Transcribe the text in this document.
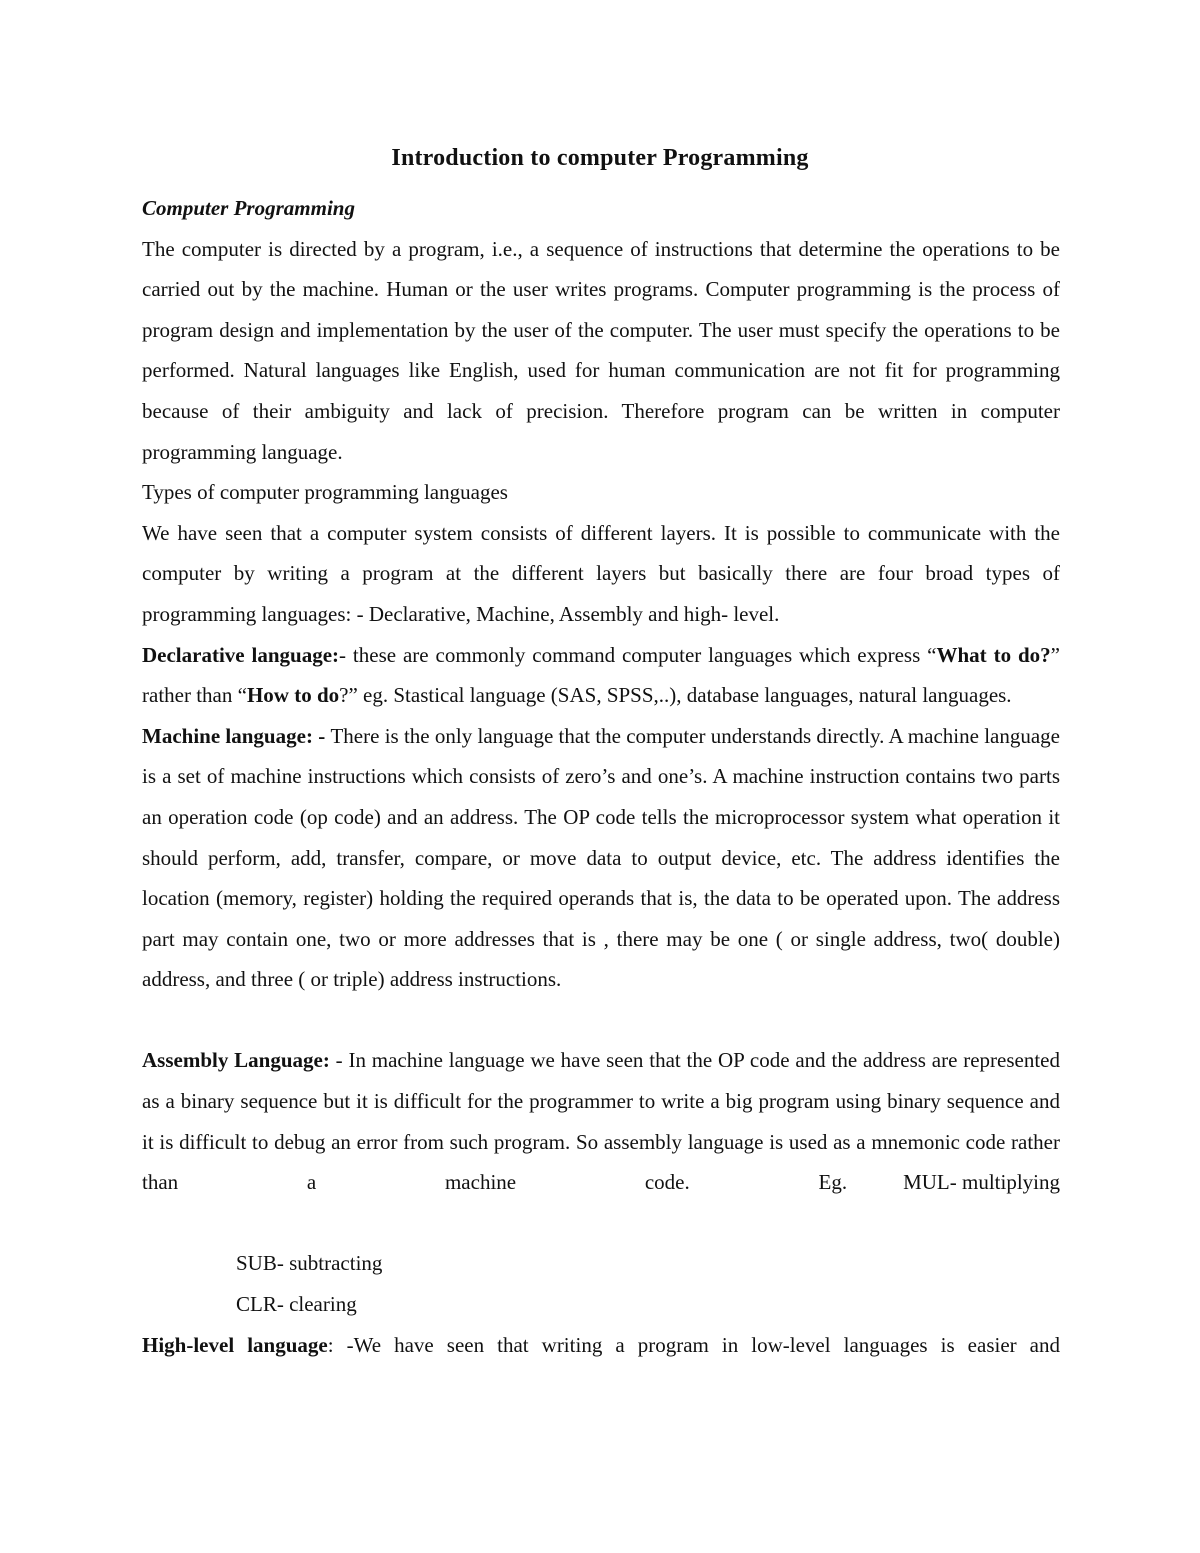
Introduction to computer Programming
Computer Programming
The computer is directed by a program, i.e., a sequence of instructions that determine the operations to be carried out by the machine. Human or the user writes programs. Computer programming is the process of program design and implementation by the user of the computer. The user must specify the operations to be performed. Natural languages like English, used for human communication are not fit for programming because of their ambiguity and lack of precision. Therefore program can be written in computer programming language.
Types of computer programming languages
We have seen that a computer system consists of different layers. It is possible to communicate with the computer by writing a program at the different layers but basically there are four broad types of programming languages: - Declarative, Machine, Assembly and high- level.
Declarative language:- these are commonly command computer languages which express “What to do?” rather than “How to do?” eg. Stastical language (SAS, SPSS,..), database languages, natural languages.
Machine language: - There is the only language that the computer understands directly. A machine language is a set of machine instructions which consists of zero’s and one’s. A machine instruction contains two parts an operation code (op code) and an address. The OP code tells the microprocessor system what operation it should perform, add, transfer, compare, or move data to output device, etc. The address identifies the location (memory, register) holding the required operands that is, the data to be operated upon. The address part may contain one, two or more addresses that is , there may be one ( or single address, two( double) address, and three ( or triple) address instructions.
Assembly Language: - In machine language we have seen that the OP code and the address are represented as a binary sequence but it is difficult for the programmer to write a big program using binary sequence and it is difficult to debug an error from such program. So assembly language is used as a mnemonic code rather than a machine code. Eg.	MUL- multiplying
SUB- subtracting
CLR- clearing
High-level language: -We have seen that writing a program in low-level languages is easier and
